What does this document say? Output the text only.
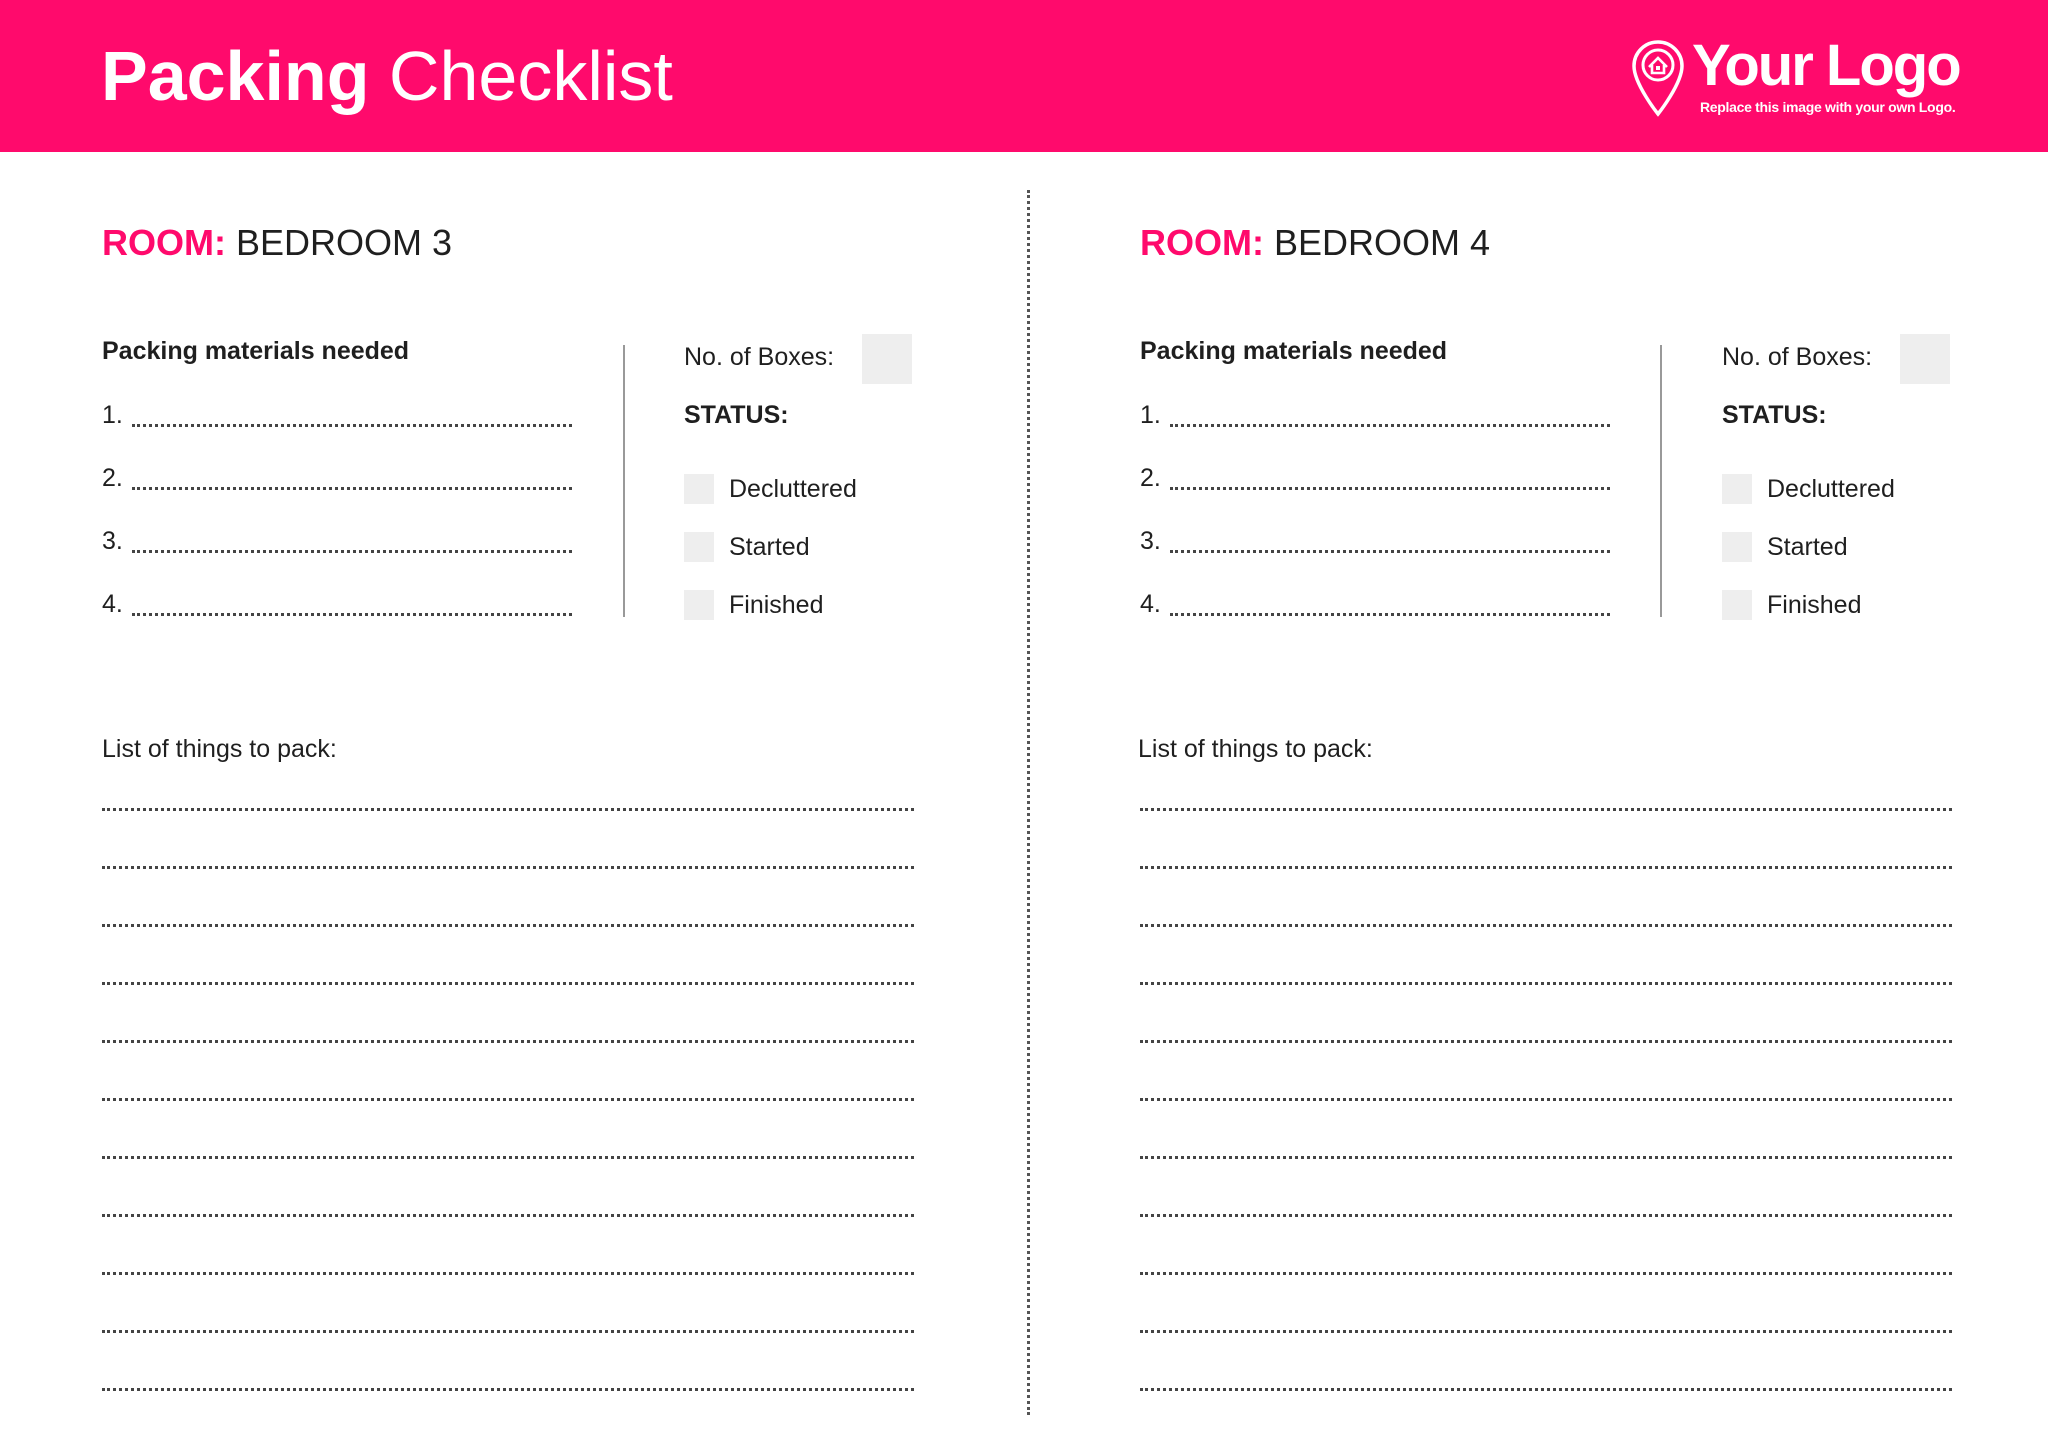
Packing Checklist	Your Logo
Replace this image with your own Logo.
ROOM: BEDROOM 3
Packing materials needed
1.
2.
3.
4.
No. of Boxes:
STATUS:
Decluttered
Started
Finished
List of things to pack:
ROOM: BEDROOM 4
Packing materials needed
1.
2.
3.
4.
No. of Boxes:
STATUS:
Decluttered
Started
Finished
List of things to pack:
